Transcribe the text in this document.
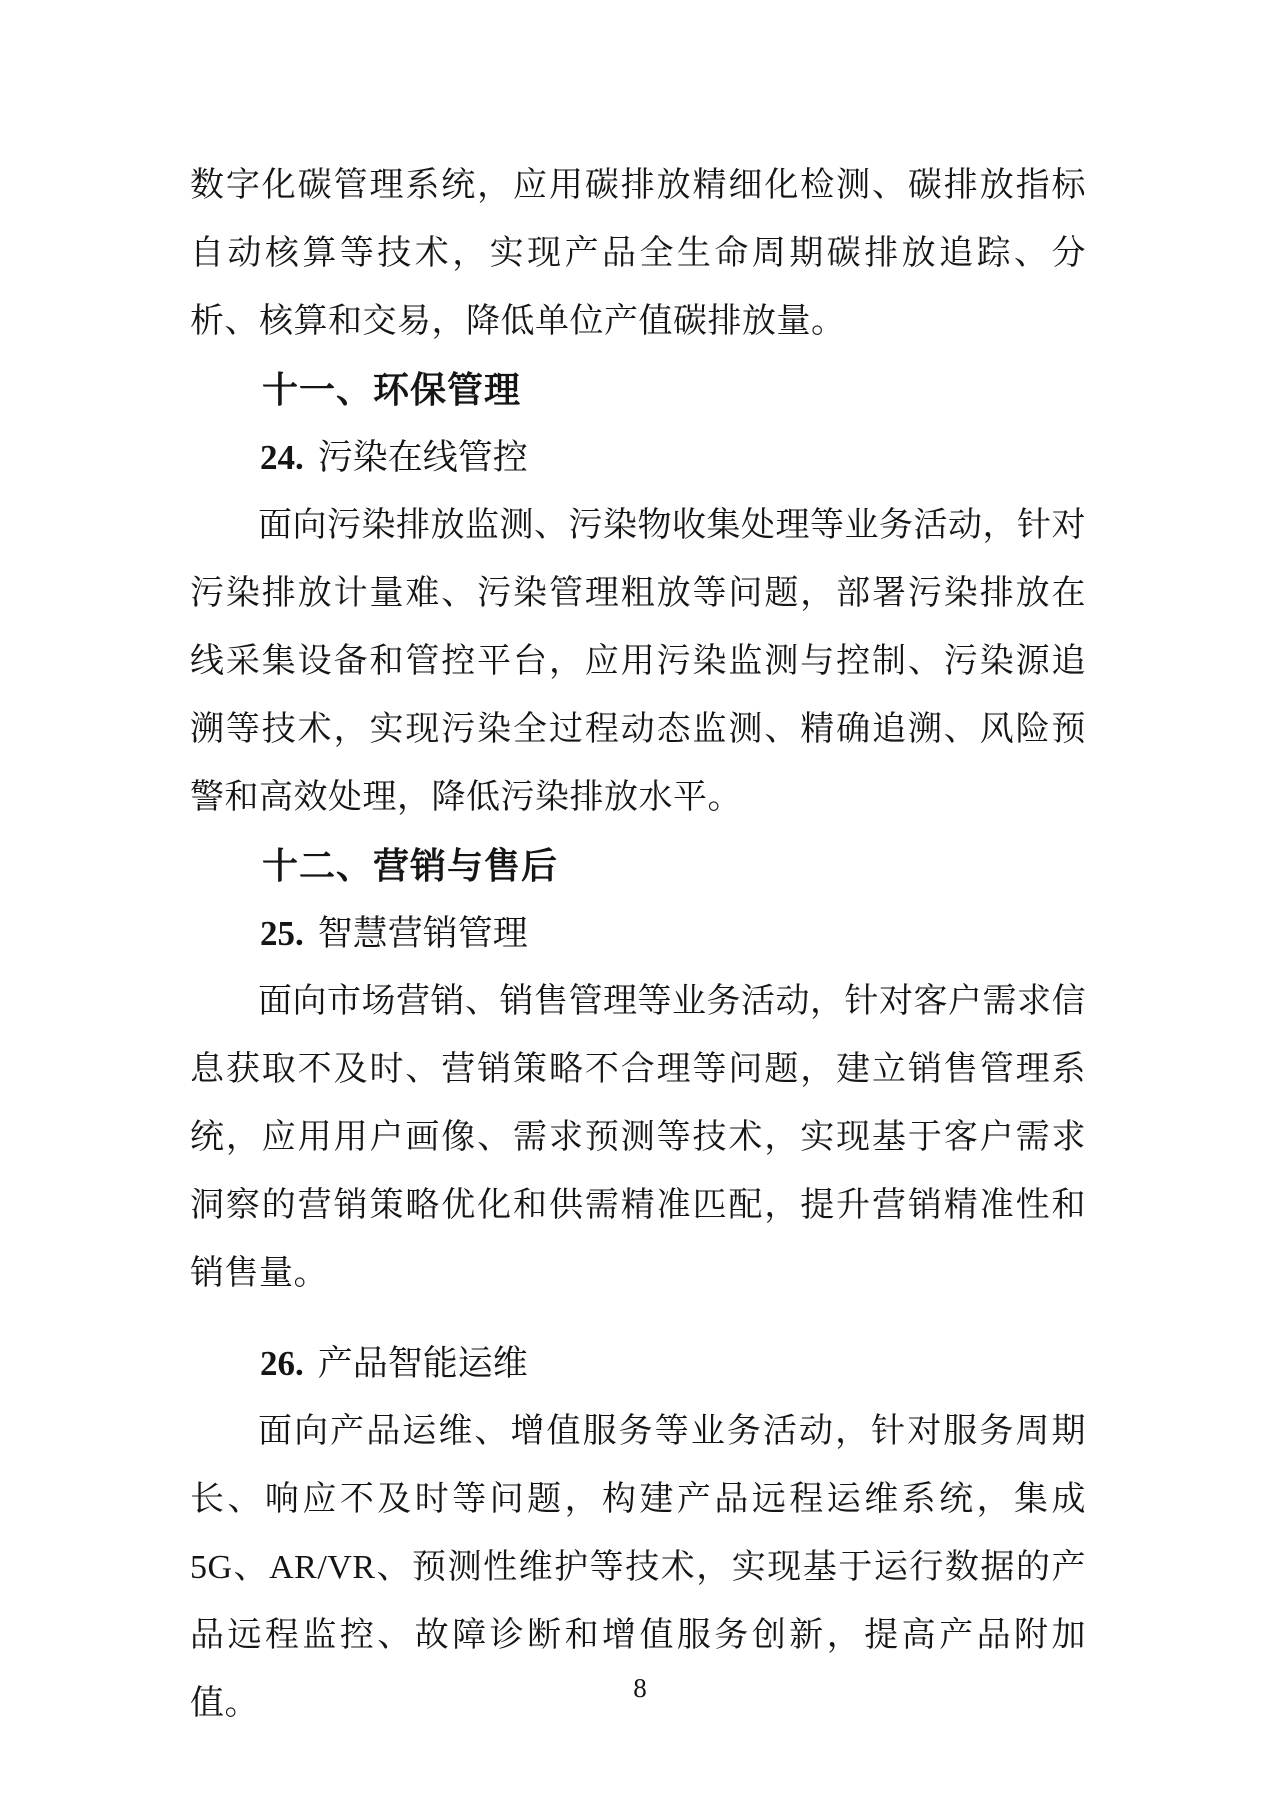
数字化碳管理系统，应用碳排放精细化检测、碳排放指标自动核算等技术，实现产品全生命周期碳排放追踪、分析、核算和交易，降低单位产值碳排放量。

十一、环保管理
24. 污染在线管控

面向污染排放监测、污染物收集处理等业务活动，针对污染排放计量难、污染管理粗放等问题，部署污染排放在线采集设备和管控平台，应用污染监测与控制、污染源追溯等技术，实现污染全过程动态监测、精确追溯、风险预警和高效处理，降低污染排放水平。

十二、营销与售后
25. 智慧营销管理

面向市场营销、销售管理等业务活动，针对客户需求信息获取不及时、营销策略不合理等问题，建立销售管理系统，应用用户画像、需求预测等技术，实现基于客户需求洞察的营销策略优化和供需精准匹配，提升营销精准性和销售量。

26. 产品智能运维

面向产品运维、增值服务等业务活动，针对服务周期长、响应不及时等问题，构建产品远程运维系统，集成 5G、AR/VR、预测性维护等技术，实现基于运行数据的产品远程监控、故障诊断和增值服务创新，提高产品附加值。	8
